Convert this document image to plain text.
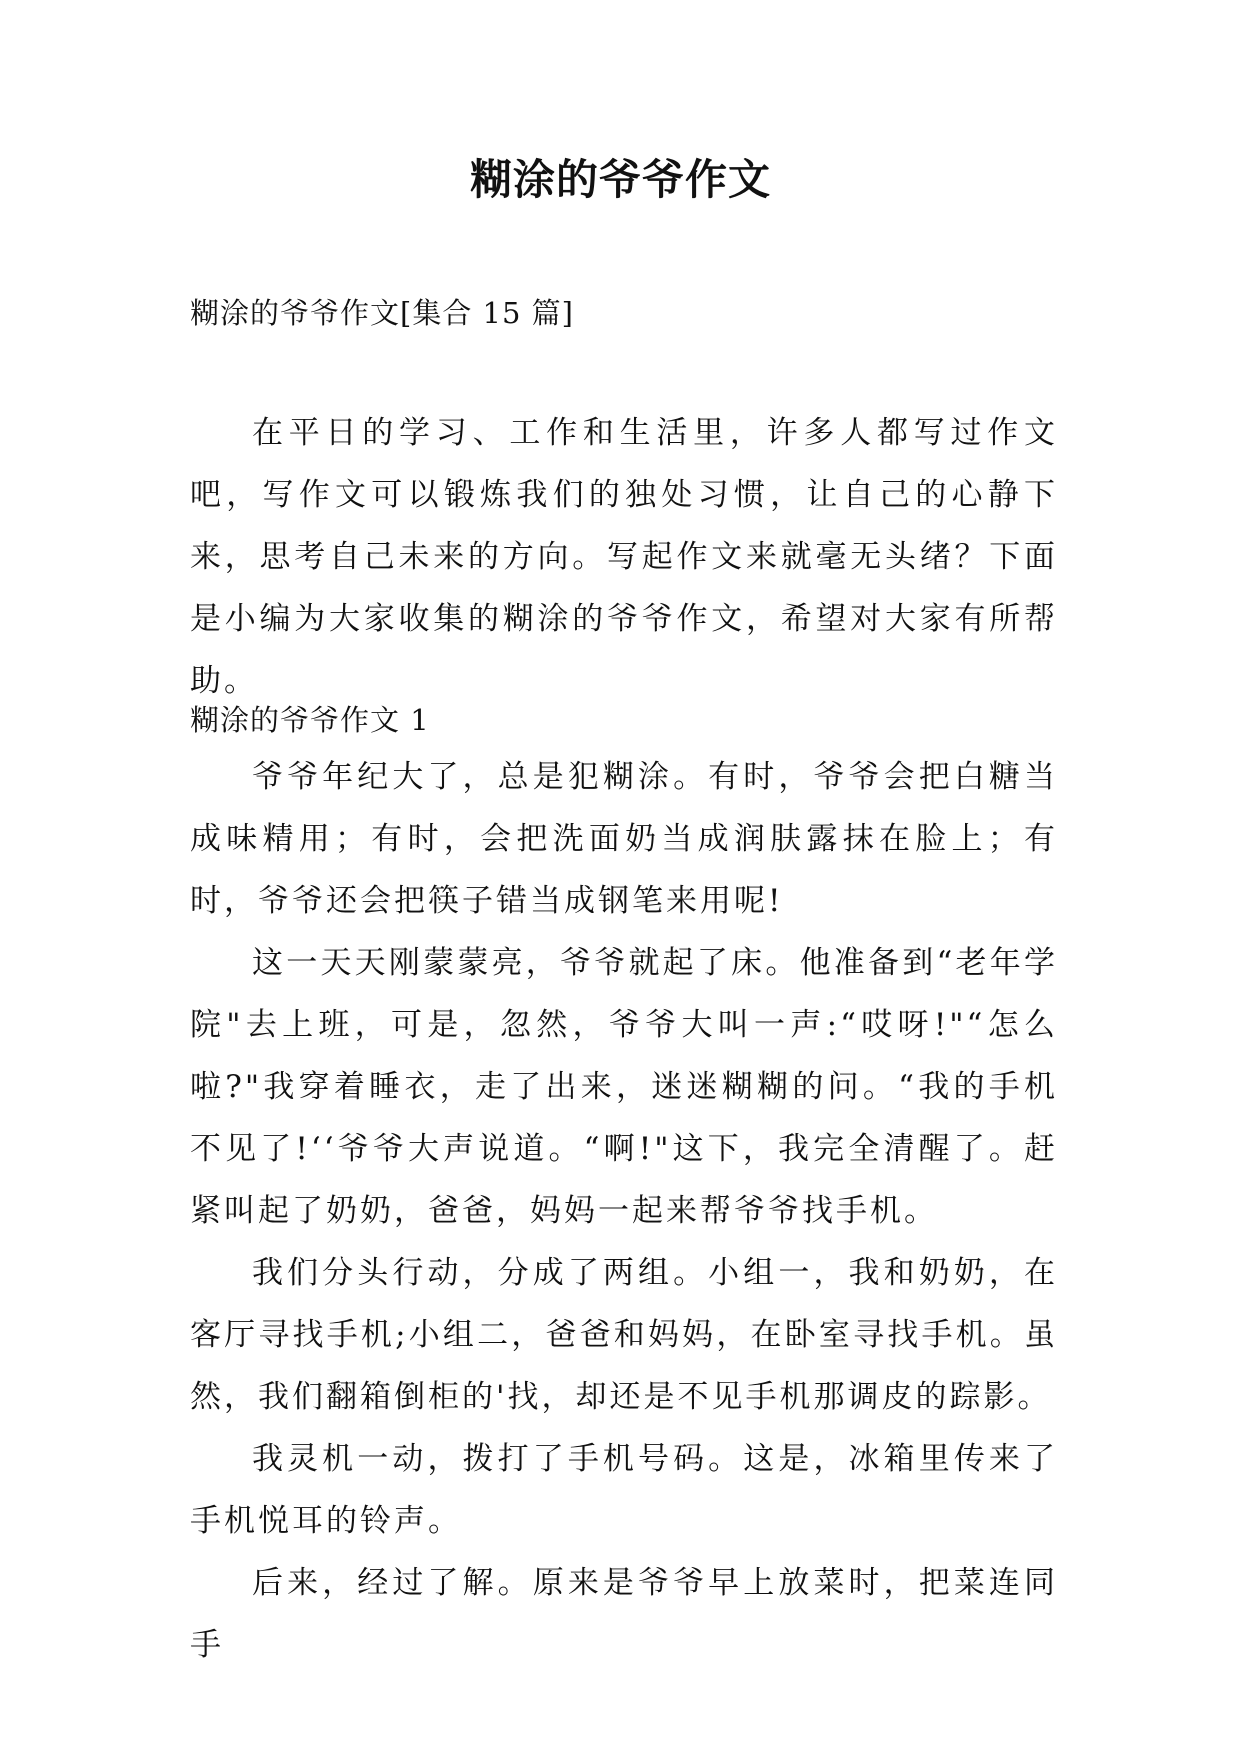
糊涂的爷爷作文

糊涂的爷爷作文[集合 15 篇]

在平日的学习、工作和生活里，许多人都写过作文吧，写作文可以锻炼我们的独处习惯，让自己的心静下来，思考自己未来的方向。写起作文来就毫无头绪？下面是小编为大家收集的糊涂的爷爷作文，希望对大家有所帮助。

糊涂的爷爷作文 1

爷爷年纪大了，总是犯糊涂。有时，爷爷会把白糖当成味精用；有时，会把洗面奶当成润肤露抹在脸上；有时，爷爷还会把筷子错当成钢笔来用呢!

这一天天刚蒙蒙亮，爷爷就起了床。他准备到“老年学院"去上班，可是，忽然，爷爷大叫一声:“哎呀!"“怎么啦?"我穿着睡衣，走了出来，迷迷糊糊的问。“我的手机不见了!‘‘爷爷大声说道。“啊!"这下，我完全清醒了。赶紧叫起了奶奶，爸爸，妈妈一起来帮爷爷找手机。

我们分头行动，分成了两组。小组一，我和奶奶，在客厅寻找手机;小组二，爸爸和妈妈，在卧室寻找手机。虽然，我们翻箱倒柜的'找，却还是不见手机那调皮的踪影。

我灵机一动，拨打了手机号码。这是，冰箱里传来了手机悦耳的铃声。

后来，经过了解。原来是爷爷早上放菜时，把菜连同手
